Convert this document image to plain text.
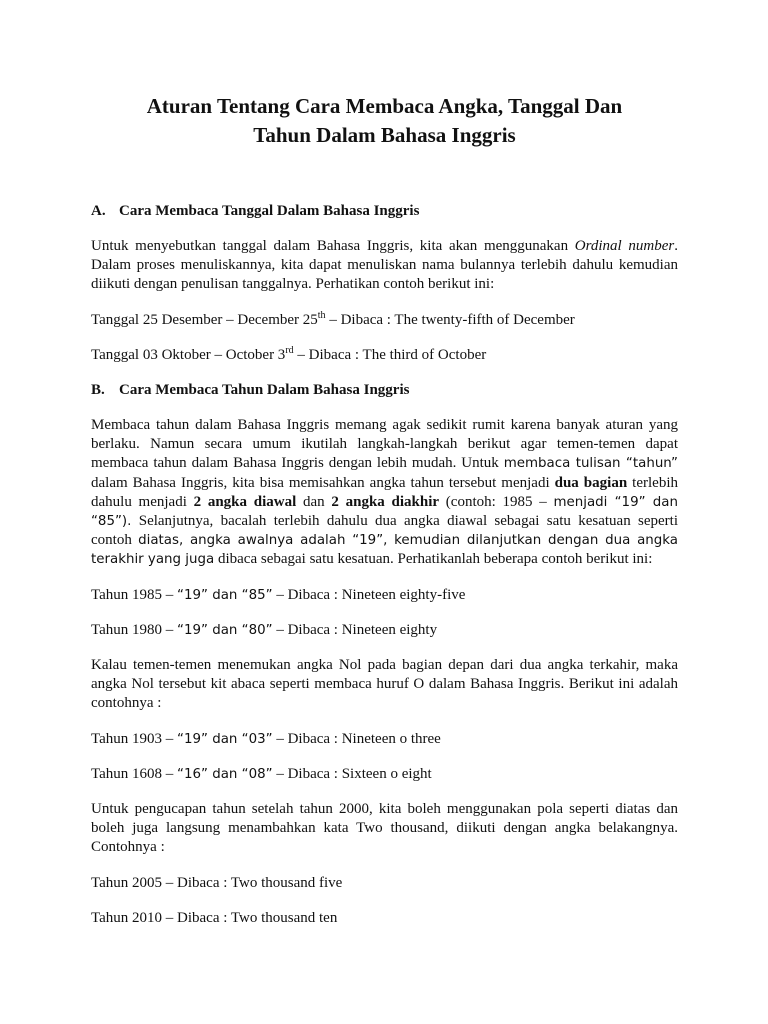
Aturan Tentang Cara Membaca Angka, Tanggal Dan
Tahun Dalam Bahasa Inggris
A. Cara Membaca Tanggal Dalam Bahasa Inggris

Untuk menyebutkan tanggal dalam Bahasa Inggris, kita akan menggunakan Ordinal number. Dalam proses menuliskannya, kita dapat menuliskan nama bulannya terlebih dahulu kemudian diikuti dengan penulisan tanggalnya. Perhatikan contoh berikut ini:

Tanggal 25 Desember – December 25th – Dibaca : The twenty-fifth of December

Tanggal 03 Oktober – October 3rd – Dibaca : The third of October

B. Cara Membaca Tahun Dalam Bahasa Inggris

Membaca tahun dalam Bahasa Inggris memang agak sedikit rumit karena banyak aturan yang berlaku. Namun secara umum ikutilah langkah-langkah berikut agar temen-temen dapat membaca tahun dalam Bahasa Inggris dengan lebih mudah. Untuk membaca tulisan “tahun” dalam Bahasa Inggris, kita bisa memisahkan angka tahun tersebut menjadi dua bagian terlebih dahulu menjadi 2 angka diawal dan 2 angka diakhir (contoh: 1985 – menjadi “19” dan “85”). Selanjutnya, bacalah terlebih dahulu dua angka diawal sebagai satu kesatuan seperti contoh diatas, angka awalnya adalah “19”, kemudian dilanjutkan dengan dua angka terakhir yang juga dibaca sebagai satu kesatuan. Perhatikanlah beberapa contoh berikut ini:

Tahun 1985 – “19” dan “85” – Dibaca : Nineteen eighty-five

Tahun 1980 – “19” dan “80” – Dibaca : Nineteen eighty

Kalau temen-temen menemukan angka Nol pada bagian depan dari dua angka terkahir, maka angka Nol tersebut kit abaca seperti membaca huruf O dalam Bahasa Inggris. Berikut ini adalah contohnya :

Tahun 1903 – “19” dan “03” – Dibaca : Nineteen o three

Tahun 1608 – “16” dan “08” – Dibaca : Sixteen o eight

Untuk pengucapan tahun setelah tahun 2000, kita boleh menggunakan pola seperti diatas dan boleh juga langsung menambahkan kata Two thousand, diikuti dengan angka belakangnya. Contohnya :

Tahun 2005 – Dibaca : Two thousand five

Tahun 2010 – Dibaca : Two thousand ten
